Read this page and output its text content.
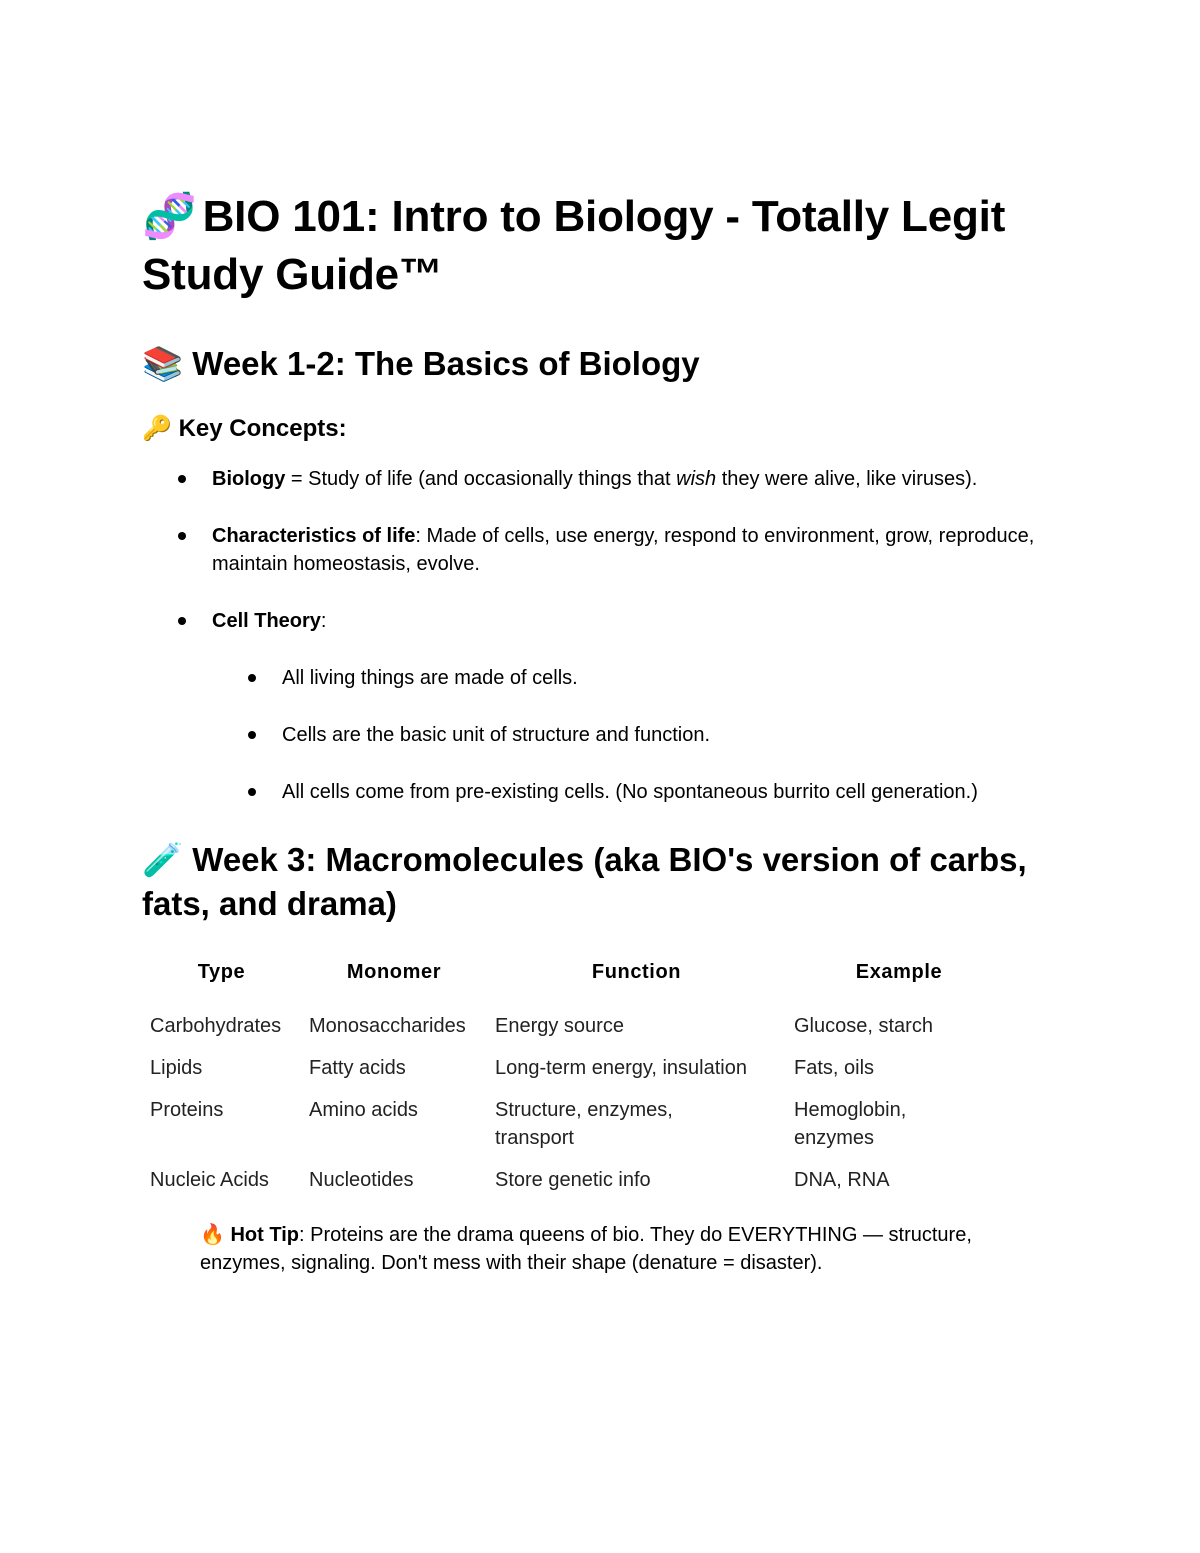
🧬 BIO 101: Intro to Biology - Totally Legit Study Guide™
📚 Week 1-2: The Basics of Biology
🔑 Key Concepts:
Biology = Study of life (and occasionally things that wish they were alive, like viruses).
Characteristics of life: Made of cells, use energy, respond to environment, grow, reproduce, maintain homeostasis, evolve.
Cell Theory:
All living things are made of cells.
Cells are the basic unit of structure and function.
All cells come from pre-existing cells. (No spontaneous burrito cell generation.)
🧪 Week 3: Macromolecules (aka BIO's version of carbs, fats, and drama)
Type	Monomer	Function	Example
Carbohydrates	Monosaccharides	Energy source	Glucose, starch
Lipids	Fatty acids	Long-term energy, insulation	Fats, oils
Proteins	Amino acids	Structure, enzymes, transport	Hemoglobin, enzymes
Nucleic Acids	Nucleotides	Store genetic info	DNA, RNA

🔥 Hot Tip: Proteins are the drama queens of bio. They do EVERYTHING — structure, enzymes, signaling. Don't mess with their shape (denature = disaster).
